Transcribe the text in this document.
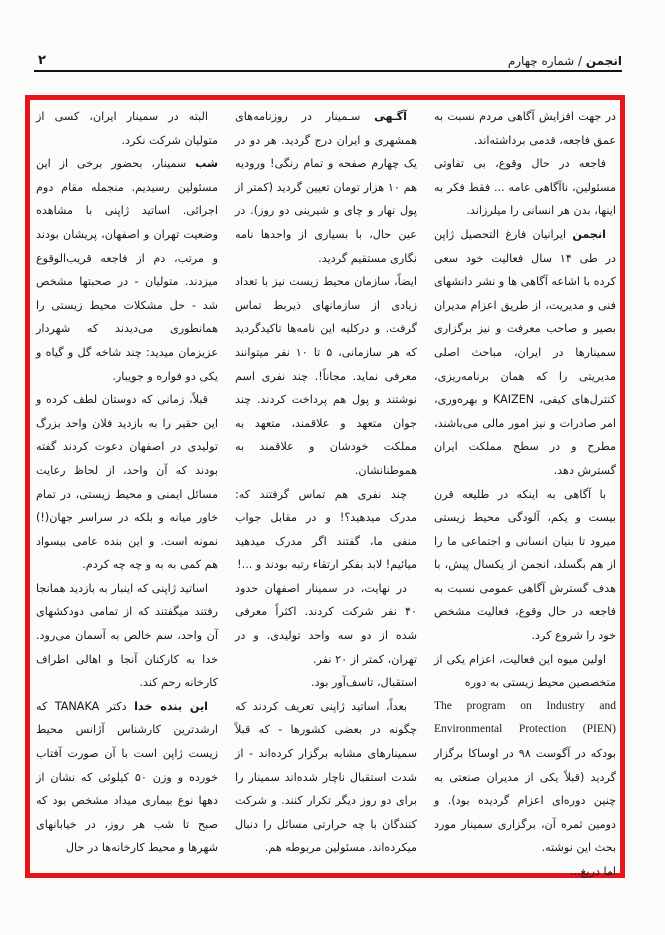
۲	انجمن / شماره چهارم

در جهت افزایش آگاهی مردم نسبت به عمق فاجعه، قدمی برداشته‌اند.

فاجعه در حال وقوع، بی تفاوتی مسئولین، ناآگاهی عامه ... فقط فکر به اینها، بدن هر انسانی را میلرزاند.

انجمن ایرانیان فارغ التحصیل ژاپن در طی ۱۴ سال فعالیت خود سعی کرده با اشاعه آگاهی ها و نشر دانشهای فنی و مدیریت، از طریق اعزام مدیران بصیر و صاحب معرفت و نیز برگزاری سمینارها در ایران، مباحث اصلی مدیریتی را که همان برنامه‌ریزی، کنترل‌های کیفی، KAIZEN و بهره‌وری، امر صادرات و نیز امور مالی می‌باشند، مطرح و در سطح مملکت ایران گسترش دهد.

با آگاهی به اینکه در طلیعه قرن بیست و یکم، آلودگی محیط زیستی میرود تا بنیان انسانی و اجتماعی ما را از هم بگسلد، انجمن از یکسال پیش، با هدف گسترش آگاهی عمومی نسبت به فاجعه در حال وقوع، فعالیت مشخص خود را شروع کرد.

اولین میوه این فعالیت، اعزام یکی از متخصصین محیط زیستی به دوره

The program on Industry and Environmental Protection (PIEN)

بودکه در آگوست ۹۸ در اوساکا برگزار گردید (قبلاً یکی از مدیران صنعتی به چنین دوره‌ای اعزام گردیده بود). و دومین ثمره آن، برگزاری سمینار مورد بحث این نوشته.

اما دریغ...

آگـهی سـمینار در روزنامه‌های همشهری و ایران درج گردید. هر دو در یک چهارم صفحه و تمام رنگی! ورودیه هم ۱۰ هزار تومان تعیین گردید (کمتر از پول نهار و چای و شیرینی دو روز). در عین حال، با بسیاری از واحدها نامه نگاری مستقیم گردید.

ایضاً، سازمان محیط زیست نیز با تعداد زیادی از سازمانهای ذیربط تماس گرفت. و درکلیه این نامه‌ها تاکیدگردید که هر سازمانی، ۵ تا ۱۰ نفر میتوانند معرفی نماید. مجاناً!. چند نفری اسم نوشتند و پول هم پرداخت کردند. چند جوان متعهد و علاقمند، متعهد به مملکت خودشان و علاقمند به هموطنانشان.

چند نفری هم تماس گرفتند که: مدرک میدهید؟! و در مقابل جواب منفی ما، گفتند اگر مدرک میدهید میائیم! لابد بفکر ارتقاء رتبه بودند و ...!

در نهایت، در سمینار اصفهان حدود ۴۰ نفر شرکت کردند. اکثراً معرفی شده از دو سه واحد تولیدی. و در تهران، کمتر از ۲۰ نفر.

استقبال، تاسف‌آور بود.

بعداً، اساتید ژاپنی تعریف کردند که چگونه در بعضی کشورها - که قبلاً سمینارهای مشابه برگزار کرده‌اند - از شدت استقبال ناچار شده‌اند سمینار را برای دو روز دیگر تکرار کنند. و شرکت کنندگان با چه حرارتی مسائل را دنبال میکرده‌اند. مسئولین مربوطه هم.

البته در سمینار ایران، کسی از متولیان شرکت نکرد.

شب سمینار، بحضور برخی از این مسئولین رسیدیم. منجمله مقام دوم اجرائی. اساتید ژاپنی با مشاهده وضعیت تهران و اصفهان، پریشان بودند و مرتب، دم از فاجعه قریب‌الوقوع میزدند. متولیان - در صحبتها مشخص شد - حل مشکلات محیط زیستی را همانطوری می‌دیدند که شهردار عزیزمان میدید: چند شاخه گل و گیاه و یکی دو فواره و جویبار.

قبلاً، زمانی که دوستان لطف کرده و این حقیر را به بازدید فلان واحد بزرگ تولیدی در اصفهان دعوت کردند گفته بودند که آن واحد، از لحاظ رعایت مسائل ایمنی و محیط زیستی، در تمام خاور میانه و بلکه در سراسر جهان(!) نمونه است. و این بنده عامی بیسواد هم کمی به به و چه چه کردم.

اساتید ژاپنی که اینبار به بازدید همانجا رفتند میگفتند که از تمامی دودکشهای آن واحد، سم خالص به آسمان می‌رود. خدا به کارکنان آنجا و اهالی اطراف کارخانه رحم کند.

این بنده خدا دکتر TANAKA که ارشدترین کارشناس آژانس محیط زیست ژاپن است با آن صورت آفتاب خورده و وزن ۵۰ کیلوئی که نشان از دهها نوع بیماری میداد مشخص بود که صبح تا شب هر روز، در خیابانهای شهرها و محیط کارخانه‌ها در حال
